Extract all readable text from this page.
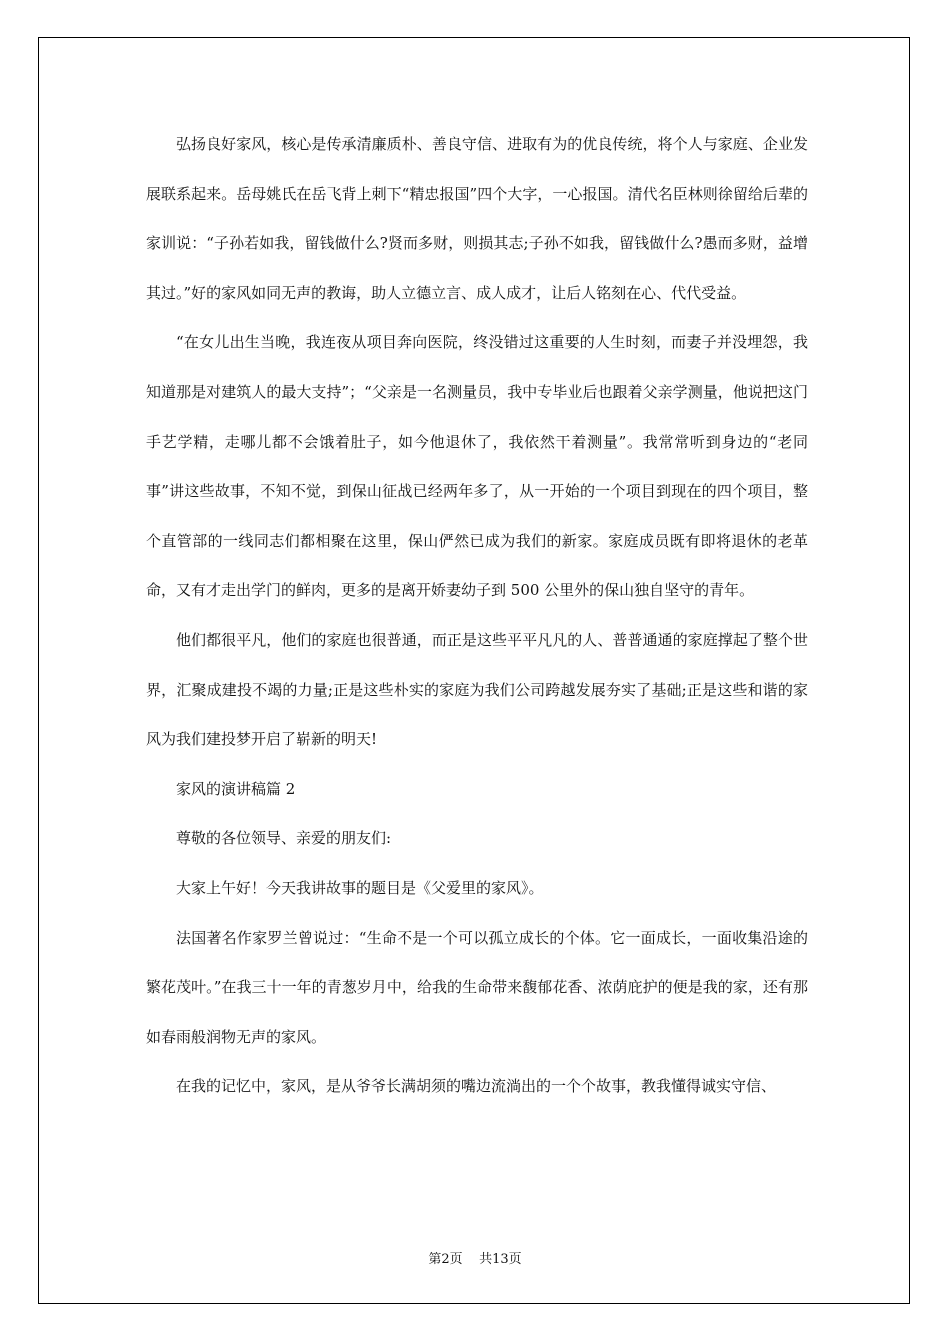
弘扬良好家风，核心是传承清廉质朴、善良守信、进取有为的优良传统，将个人与家庭、企业发展联系起来。岳母姚氏在岳飞背上刺下“精忠报国”四个大字，一心报国。清代名臣林则徐留给后辈的家训说：“子孙若如我，留钱做什么?贤而多财，则损其志;子孙不如我，留钱做什么?愚而多财，益增其过。”好的家风如同无声的教诲，助人立德立言、成人成才，让后人铭刻在心、代代受益。

“在女儿出生当晚，我连夜从项目奔向医院，终没错过这重要的人生时刻，而妻子并没埋怨，我知道那是对建筑人的最大支持”；“父亲是一名测量员，我中专毕业后也跟着父亲学测量，他说把这门手艺学精，走哪儿都不会饿着肚子，如今他退休了，我依然干着测量”。我常常听到身边的“老同事”讲这些故事，不知不觉，到保山征战已经两年多了，从一开始的一个项目到现在的四个项目，整个直管部的一线同志们都相聚在这里，保山俨然已成为我们的新家。家庭成员既有即将退休的老革命，又有才走出学门的鲜肉，更多的是离开娇妻幼子到 500 公里外的保山独自坚守的青年。

他们都很平凡，他们的家庭也很普通，而正是这些平平凡凡的人、普普通通的家庭撑起了整个世界，汇聚成建投不竭的力量;正是这些朴实的家庭为我们公司跨越发展夯实了基础;正是这些和谐的家风为我们建投梦开启了崭新的明天!

家风的演讲稿篇 2

尊敬的各位领导、亲爱的朋友们:

大家上午好！今天我讲故事的题目是《父爱里的家风》。

法国著名作家罗兰曾说过：“生命不是一个可以孤立成长的个体。它一面成长，一面收集沿途的繁花茂叶。”在我三十一年的青葱岁月中，给我的生命带来馥郁花香、浓荫庇护的便是我的家，还有那如春雨般润物无声的家风。

在我的记忆中，家风，是从爷爷长满胡须的嘴边流淌出的一个个故事，教我懂得诚实守信、

第2页 共13页
